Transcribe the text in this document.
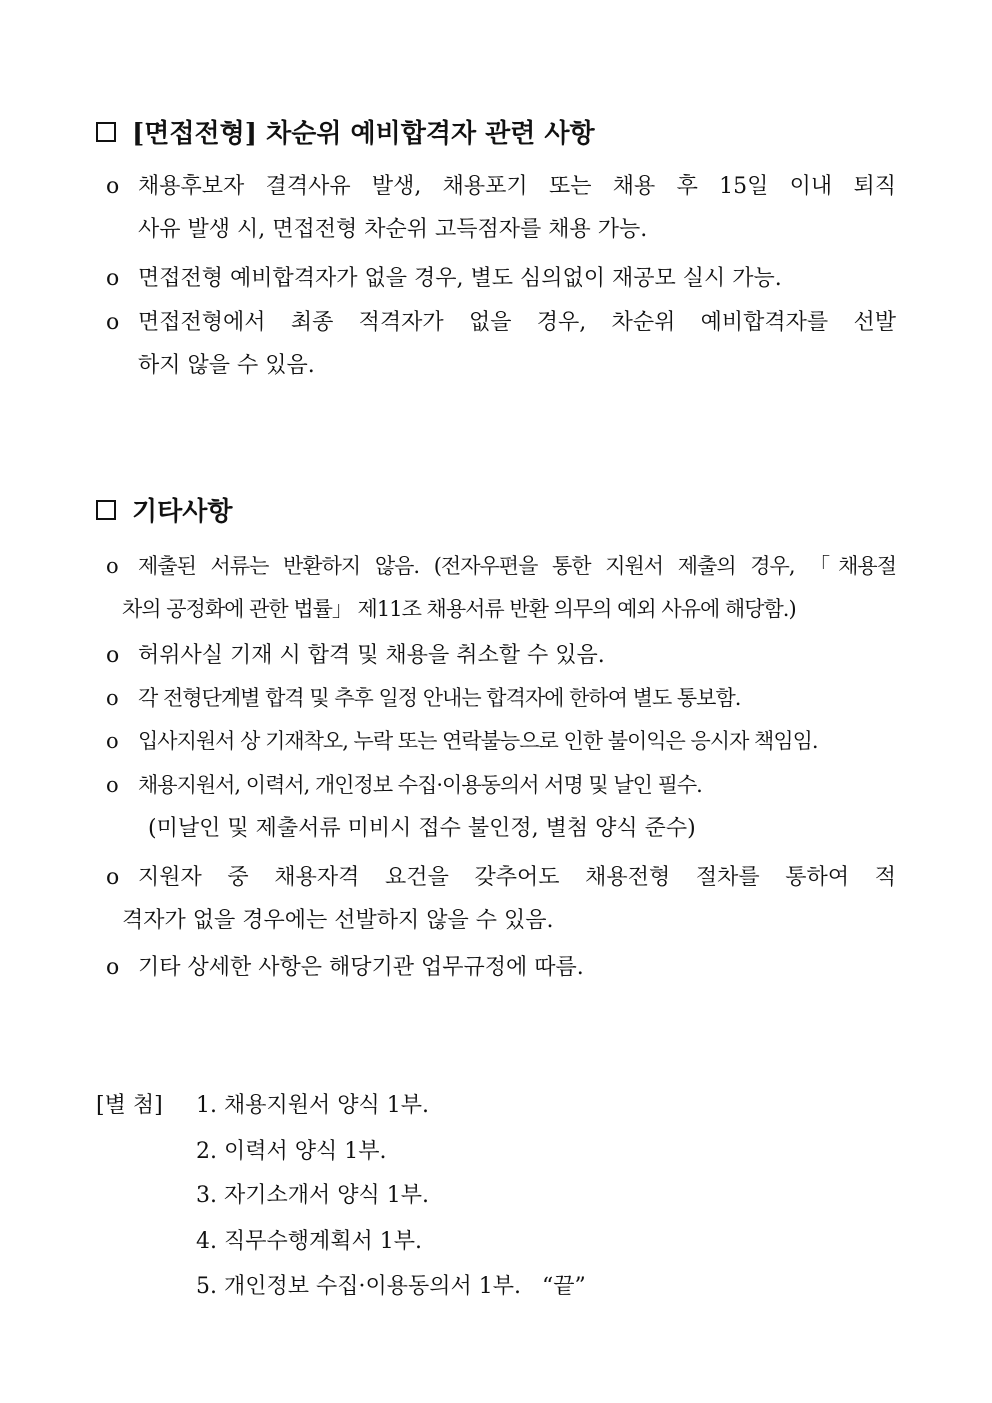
[면접전형] 차순위 예비합격자 관련 사항
o 채용후보자 결격사유 발생, 채용포기 또는 채용 후 15일 이내 퇴직
사유 발생 시, 면접전형 차순위 고득점자를 채용 가능.
o 면접전형 예비합격자가 없을 경우, 별도 심의없이 재공모 실시 가능.
o 면접전형에서 최종 적격자가 없을 경우, 차순위 예비합격자를 선발
하지 않을 수 있음.
기타사항
o 제출된 서류는 반환하지 않음. (전자우편을 통한 지원서 제출의 경우, 「채용절
차의 공정화에 관한 법률」 제11조 채용서류 반환 의무의 예외 사유에 해당함.)
o 허위사실 기재 시 합격 및 채용을 취소할 수 있음.
o 각 전형단계별 합격 및 추후 일정 안내는 합격자에 한하여 별도 통보함.
o 입사지원서 상 기재착오, 누락 또는 연락불능으로 인한 불이익은 응시자 책임임.
o 채용지원서, 이력서, 개인정보 수집·이용동의서 서명 및 날인 필수.
(미날인 및 제출서류 미비시 접수 불인정, 별첨 양식 준수)
o 지원자 중 채용자격 요건을 갖추어도 채용전형 절차를 통하여 적
격자가 없을 경우에는 선발하지 않을 수 있음.
o 기타 상세한 사항은 해당기관 업무규정에 따름.
[별 첨] 1. 채용지원서 양식 1부.
2. 이력서 양식 1부.
3. 자기소개서 양식 1부.
4. 직무수행계획서 1부.
5. 개인정보 수집·이용동의서 1부.   “끝”
